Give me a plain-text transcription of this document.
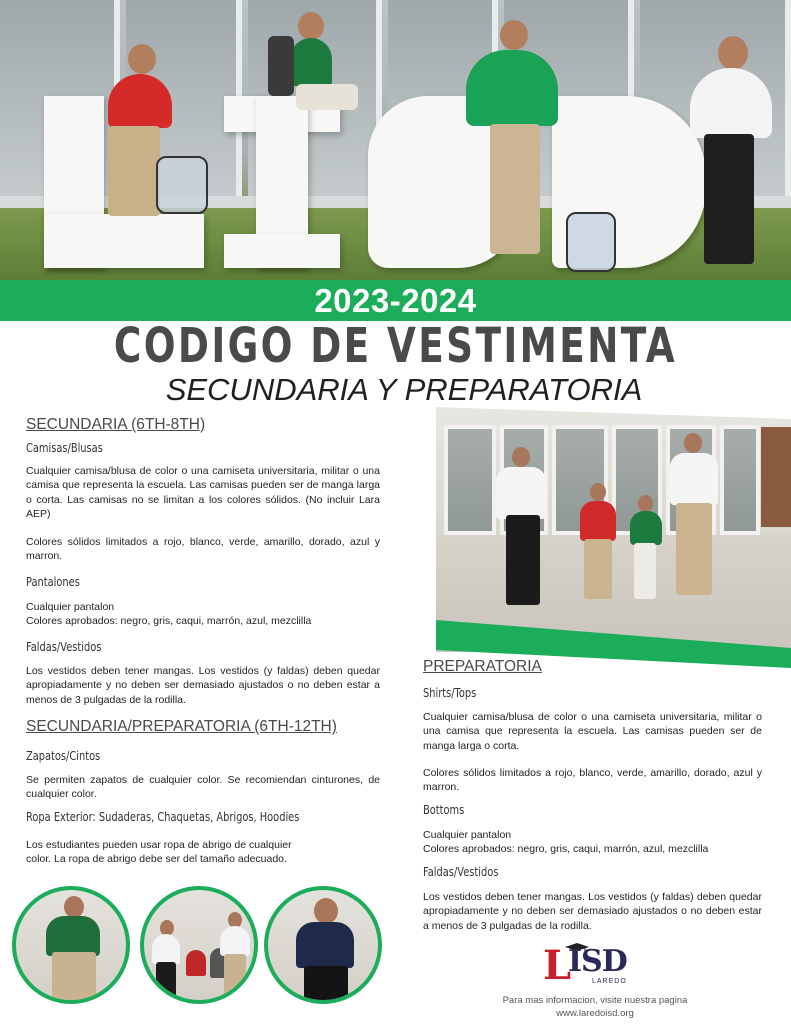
2023-2024
CODIGO DE VESTIMENTA
SECUNDARIA Y PREPARATORIA
SECUNDARIA (6TH-8TH)
Camisas/Blusas
Cualquier camisa/blusa de color o una camiseta universitaria, militar o una camisa que representa la escuela. Las camisas pueden ser de manga larga o corta. Las camisas no se limitan a los colores sólidos. (No incluir Lara AEP)
Colores sólidos limitados a rojo, blanco, verde, amarillo, dorado, azul y marron.
Pantalones
Cualquier pantalon
Colores aprobados: negro, gris, caqui, marrón, azul, mezclilla
Faldas/Vestidos
Los vestidos deben tener mangas. Los vestidos (y faldas) deben quedar apropiadamente y no deben ser demasiado ajustados o no deben estar a menos de 3 pulgadas de la rodilla.
SECUNDARIA/PREPARATORIA (6TH-12TH)
Zapatos/Cintos
Se permiten zapatos de cualquier color. Se recomiendan cinturones, de cualquier color.
Ropa Exterior: Sudaderas, Chaquetas, Abrigos, Hoodies
Los estudiantes pueden usar ropa de abrigo de cualquier
color. La ropa de abrigo debe ser del tamaño adecuado.
PREPARATORIA
Shirts/Tops
Cualquier camisa/blusa de color o una camiseta universitaria, militar o una camisa que representa la escuela. Las camisas pueden ser de manga larga o corta.
Colores sólidos limitados a rojo, blanco, verde, amarillo, dorado, azul y marron.
Bottoms
Cualquier pantalon
Colores aprobados: negro, gris, caqui, marrón, azul, mezclilla
Faldas/Vestidos
Los vestidos deben tener mangas. Los vestidos (y faldas) deben quedar apropiadamente y no deben ser demasiado ajustados o no deben estar a menos de 3 pulgadas de la rodilla.
L
ISD
LAREDO
Para mas informacion, visite nuestra pagina
www.laredoisd.org
